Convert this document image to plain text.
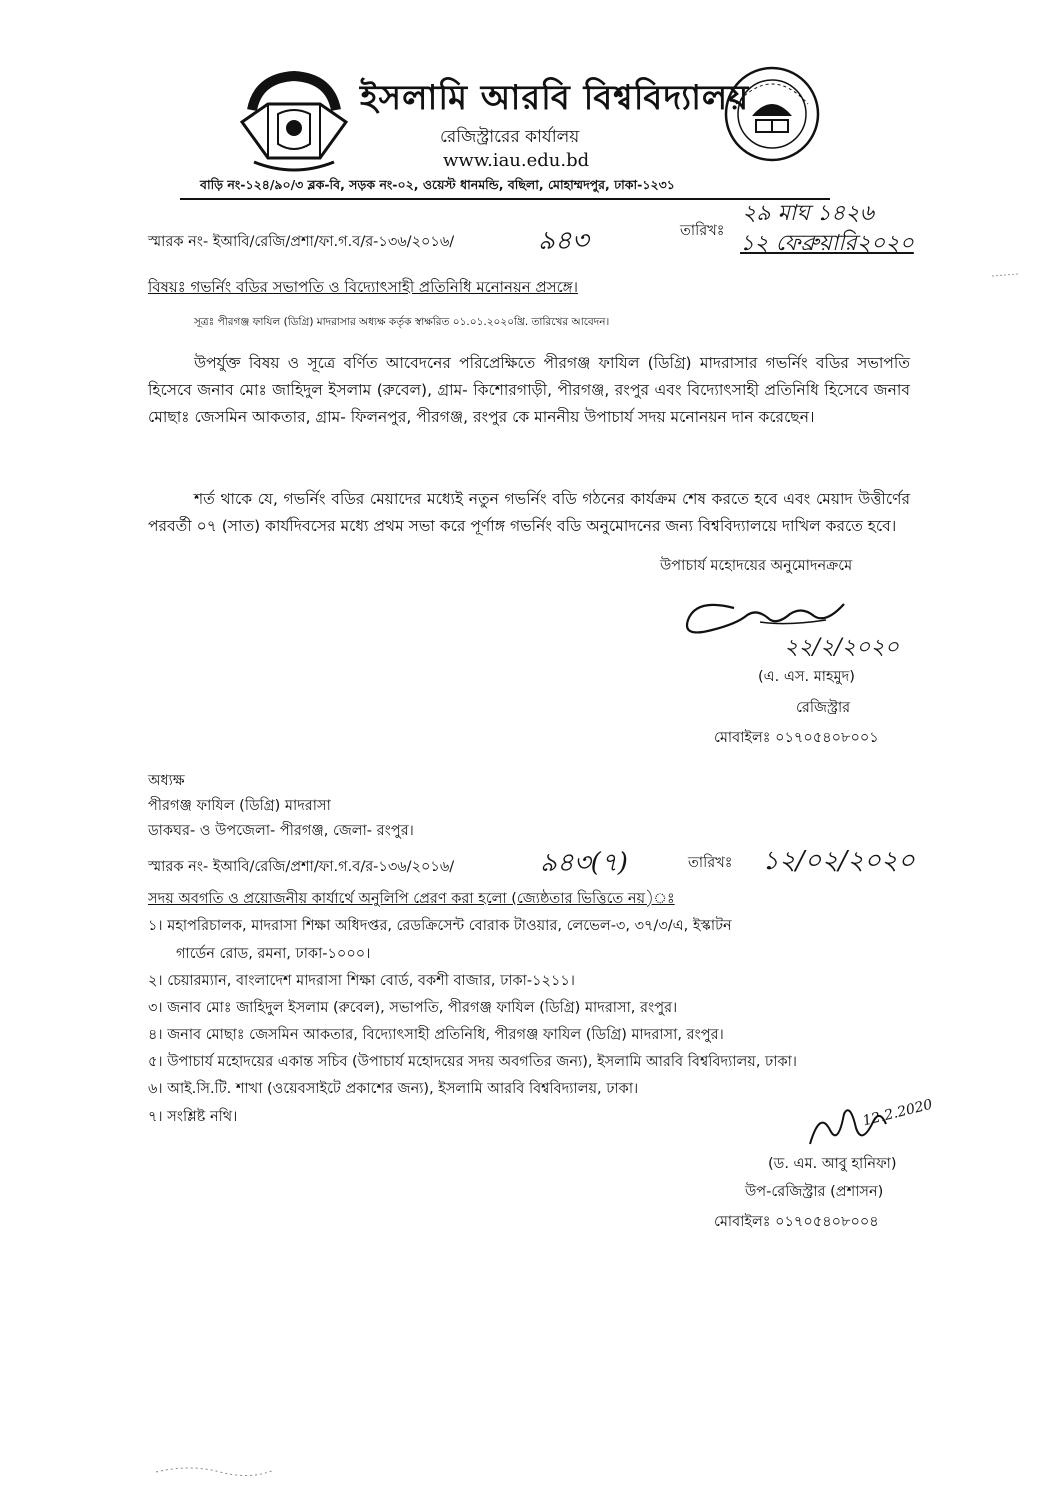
ইসলামি আরবি বিশ্ববিদ্যালয়
রেজিস্ট্রারের কার্যালয়
www.iau.edu.bd
বাড়ি নং-১২৪/৯০/৩ ব্লক-বি, সড়ক নং-০২, ওয়েস্ট ধানমন্ডি, বছিলা, মোহাম্মদপুর, ঢাকা-১২৩১
স্মারক নং- ইআবি/রেজি/প্রশা/ফা.গ.ব/র-১৩৬/২০১৬/	৯৪৩	তারিখঃ
২৯ মাঘ ১৪২৬
১২ ফেব্রুয়ারি২০২০
বিষয়ঃ গভর্নিং বডির সভাপতি ও বিদ্যোৎসাহী প্রতিনিধি মনোনয়ন প্রসঙ্গে।
সূত্রঃ পীরগঞ্জ ফাযিল (ডিগ্রি) মাদরাসার অধ্যক্ষ কর্তৃক স্বাক্ষরিত ০১.০১.২০২০খ্রি. তারিখের আবেদন।
উপর্যুক্ত বিষয় ও সূত্রে বর্ণিত আবেদনের পরিপ্রেক্ষিতে পীরগঞ্জ ফাযিল (ডিগ্রি) মাদরাসার গভর্নিং বডির সভাপতি হিসেবে জনাব মোঃ জাহিদুল ইসলাম (রুবেল), গ্রাম- কিশোরগাড়ী, পীরগঞ্জ, রংপুর এবং বিদ্যোৎসাহী প্রতিনিধি হিসেবে জনাব মোছাঃ জেসমিন আকতার, গ্রাম- ফিলনপুর, পীরগঞ্জ, রংপুর কে মাননীয় উপাচার্য সদয় মনোনয়ন দান করেছেন।
শর্ত থাকে যে, গভর্নিং বডির মেয়াদের মধ্যেই নতুন গভর্নিং বডি গঠনের কার্যক্রম শেষ করতে হবে এবং মেয়াদ উত্তীর্ণের পরবর্তী ০৭ (সাত) কার্যদিবসের মধ্যে প্রথম সভা করে পূর্ণাঙ্গ গভর্নিং বডি অনুমোদনের জন্য বিশ্ববিদ্যালয়ে দাখিল করতে হবে।
উপাচার্য মহোদয়ের অনুমোদনক্রমে
২২/২/২০২০
(এ. এস. মাহমুদ)
রেজিস্ট্রার
মোবাইলঃ ০১৭০৫৪০৮০০১
অধ্যক্ষ
পীরগঞ্জ ফাযিল (ডিগ্রি) মাদরাসা
ডাকঘর- ও উপজেলা- পীরগঞ্জ, জেলা- রংপুর।
স্মারক নং- ইআবি/রেজি/প্রশা/ফা.গ.ব/র-১৩৬/২০১৬/	৯৪৩(৭)	তারিখঃ ১২/০২/২০২০
সদয় অবগতি ও প্রয়োজনীয় কার্যার্থে অনুলিপি প্রেরণ করা হলো (জ্যেষ্ঠতার ভিত্তিতে নয়)ঃ
১। মহাপরিচালক, মাদরাসা শিক্ষা অধিদপ্তর, রেডক্রিসেন্ট বোরাক টাওয়ার, লেভেল-৩, ৩৭/৩/এ, ইস্কাটন
গার্ডেন রোড, রমনা, ঢাকা-১০০০।
২। চেয়ারম্যান, বাংলাদেশ মাদরাসা শিক্ষা বোর্ড, বকশী বাজার, ঢাকা-১২১১।
৩। জনাব মোঃ জাহিদুল ইসলাম (রুবেল), সভাপতি, পীরগঞ্জ ফাযিল (ডিগ্রি) মাদরাসা, রংপুর।
৪। জনাব মোছাঃ জেসমিন আকতার, বিদ্যোৎসাহী প্রতিনিধি, পীরগঞ্জ ফাযিল (ডিগ্রি) মাদরাসা, রংপুর।
৫। উপাচার্য মহোদয়ের একান্ত সচিব (উপাচার্য মহোদয়ের সদয় অবগতির জন্য), ইসলামি আরবি বিশ্ববিদ্যালয়, ঢাকা।
৬। আই.সি.টি. শাখা (ওয়েবসাইটে প্রকাশের জন্য), ইসলামি আরবি বিশ্ববিদ্যালয়, ঢাকা।
৭। সংশ্লিষ্ট নথি।	12.2.2020
(ড. এম. আবু হানিফা)
উপ-রেজিস্ট্রার (প্রশাসন)
মোবাইলঃ ০১৭০৫৪০৮০০৪
